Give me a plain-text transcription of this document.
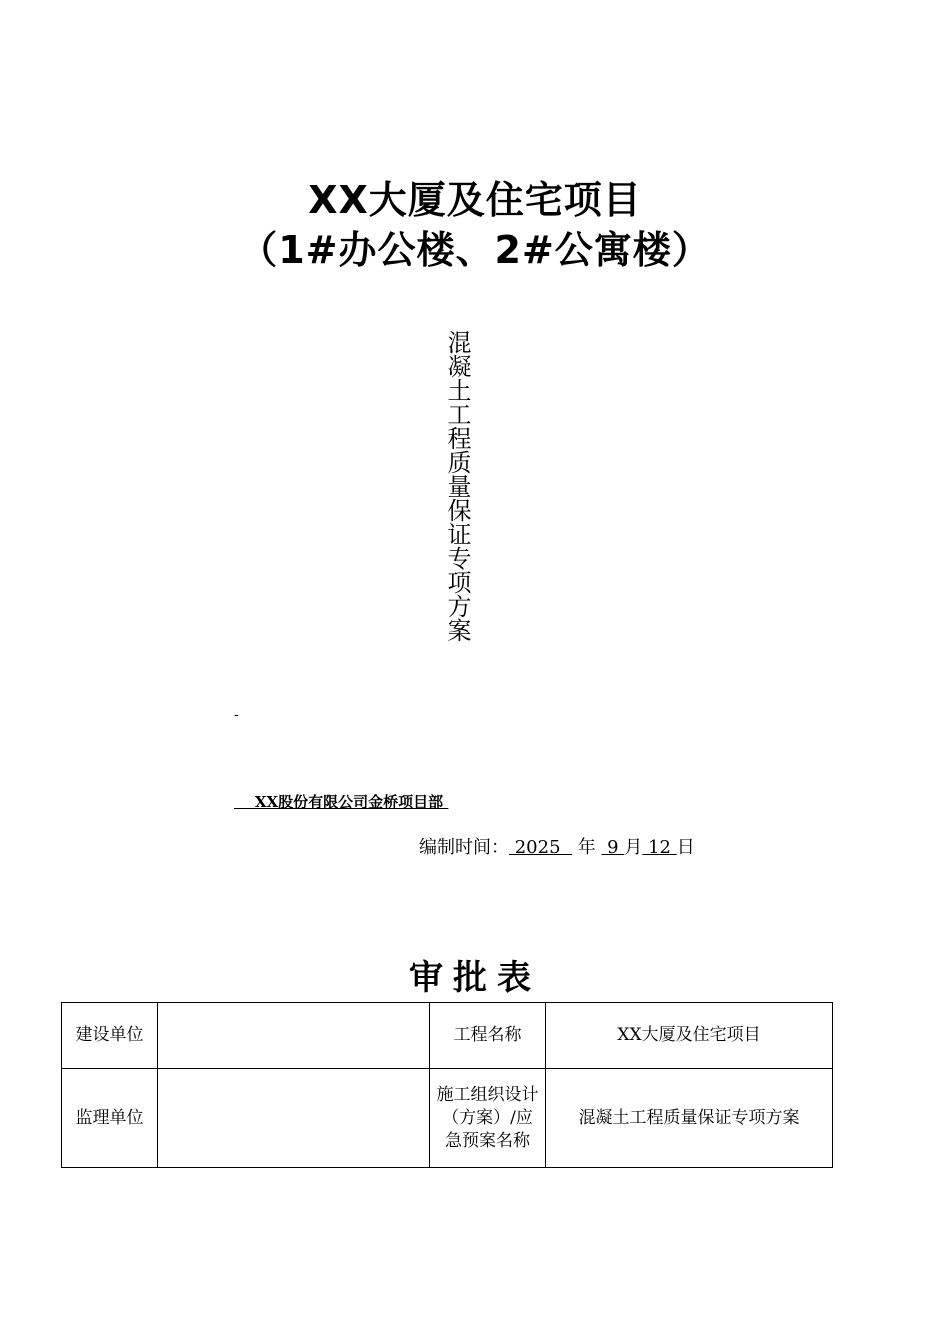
XX大厦及住宅项目
（1#办公楼、2#公寓楼）
混凝土工程质量保证专项方案
-
XX股份有限公司金桥项目部
编制时间： 2025   年  9 月 12 日
审批表
建设单位		工程名称	XX大厦及住宅项目
监理单位		施工组织设计（方案）/应急预案名称	混凝土工程质量保证专项方案
